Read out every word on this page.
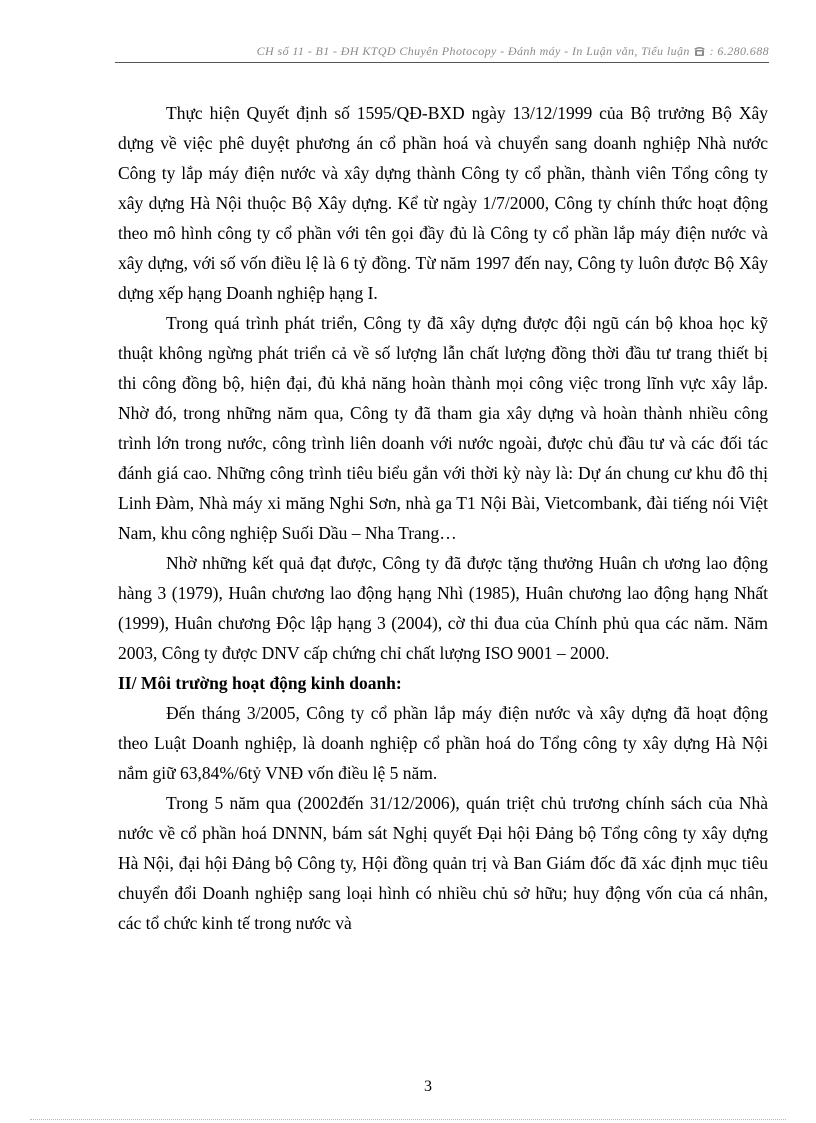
CH số 11 - B1 - ĐH KTQD Chuyên Photocopy - Đánh máy - In Luận văn, Tiểu luận : 6.280.688

Thực hiện Quyết định số 1595/QĐ-BXD ngày 13/12/1999 của Bộ trưởng Bộ Xây dựng về việc phê duyệt phương án cổ phần hoá và chuyển sang doanh nghiệp Nhà nước Công ty lắp máy điện nước và xây dựng thành Công ty cổ phần, thành viên Tổng công ty xây dựng Hà Nội thuộc Bộ Xây dựng. Kể từ ngày 1/7/2000, Công ty chính thức hoạt động theo mô hình công ty cổ phần với tên gọi đầy đủ là Công ty cổ phần lắp máy điện nước và xây dựng, với số vốn điều lệ là 6 tỷ đồng. Từ năm 1997 đến nay, Công ty luôn được Bộ Xây dựng xếp hạng Doanh nghiệp hạng I.

Trong quá trình phát triển, Công ty đã xây dựng được đội ngũ cán bộ khoa học kỹ thuật không ngừng phát triển cả về số lượng lẫn chất lượng đồng thời đầu tư trang thiết bị thi công đồng bộ, hiện đại, đủ khả năng hoàn thành mọi công việc trong lĩnh vực xây lắp. Nhờ đó, trong những năm qua, Công ty đã tham gia xây dựng và hoàn thành nhiều công trình lớn trong nước, công trình liên doanh với nước ngoài, được chủ đầu tư và các đối tác đánh giá cao. Những công trình tiêu biểu gắn với thời kỳ này là: Dự án chung cư khu đô thị Linh Đàm, Nhà máy xi măng Nghi Sơn, nhà ga T1 Nội Bài, Vietcombank, đài tiếng nói Việt Nam, khu công nghiệp Suối Dầu – Nha Trang…

Nhờ những kết quả đạt được, Công ty đã được tặng thưởng Huân ch ương lao động hàng 3 (1979), Huân chương lao động hạng Nhì (1985), Huân chương lao động hạng Nhất (1999), Huân chương Độc lập hạng 3 (2004), cờ thi đua của Chính phủ qua các năm. Năm 2003, Công ty được DNV cấp chứng chỉ chất lượng ISO 9001 – 2000.

II/ Môi trường hoạt động kinh doanh:

Đến tháng 3/2005, Công ty cổ phần lắp máy điện nước và xây dựng đã hoạt động theo Luật Doanh nghiệp, là doanh nghiệp cổ phần hoá do Tổng công ty xây dựng Hà Nội nắm giữ 63,84%/6tỷ VNĐ vốn điều lệ 5 năm.

Trong 5 năm qua (2002đến 31/12/2006), quán triệt chủ trương chính sách của Nhà nước về cổ phần hoá DNNN, bám sát Nghị quyết Đại hội Đảng bộ Tổng công ty xây dựng Hà Nội, đại hội Đảng bộ Công ty, Hội đồng quản trị và Ban Giám đốc đã xác định mục tiêu chuyển đổi Doanh nghiệp sang loại hình có nhiều chủ sở hữu; huy động vốn của cá nhân, các tổ chức kinh tế trong nước và

3
